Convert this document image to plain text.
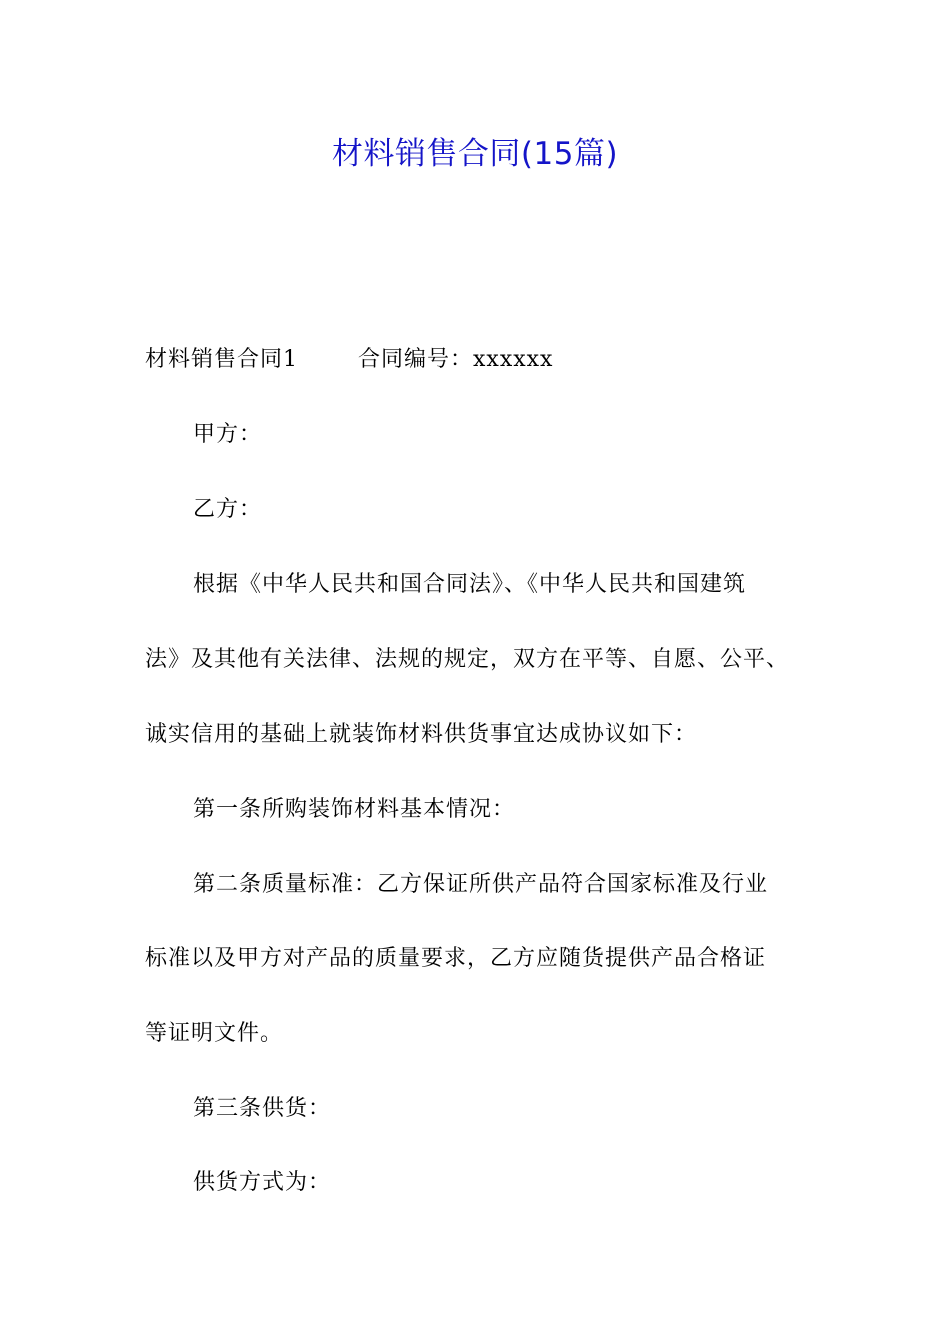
材料销售合同(15篇)
材料销售合同1	合同编号：xxxxxx
甲方：
乙方：
根据《中华人民共和国合同法》、《中华人民共和国建筑
法》及其他有关法律、法规的规定，双方在平等、自愿、公平、
诚实信用的基础上就装饰材料供货事宜达成协议如下：
第一条所购装饰材料基本情况：
第二条质量标准：乙方保证所供产品符合国家标准及行业
标准以及甲方对产品的质量要求，乙方应随货提供产品合格证
等证明文件。
第三条供货：
供货方式为：
